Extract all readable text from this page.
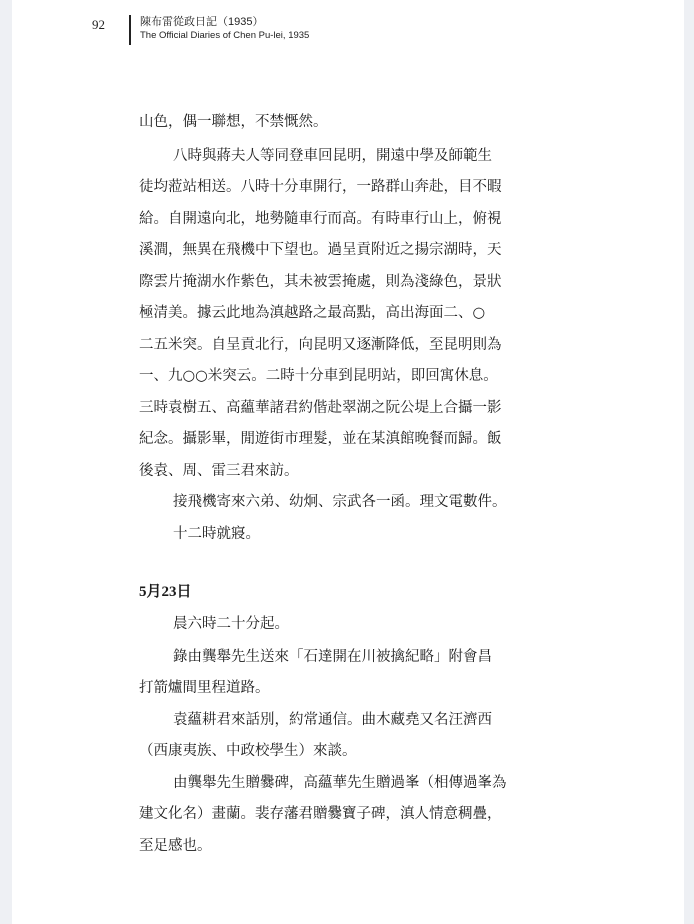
92	陳布雷從政日記（1935）
The Official Diaries of Chen Pu-lei, 1935
山色，偶一聯想，不禁慨然。
八時與蔣夫人等同登車回昆明，開遠中學及師範生
徒均蒞站相送。八時十分車開行，一路群山奔赴，目不暇
給。自開遠向北，地勢隨車行而高。有時車行山上，俯視
溪澗，無異在飛機中下望也。過呈貢附近之揚宗湖時，天
際雲片掩湖水作紫色，其未被雲掩處，則為淺綠色，景狀
極清美。據云此地為滇越路之最高點，高出海面二、○
二五米突。自呈貢北行，向昆明又逐漸降低，至昆明則為
一、九○○米突云。二時十分車到昆明站，即回寓休息。
三時袁樹五、高蘊華諸君約偕赴翠湖之阮公堤上合攝一影
紀念。攝影畢，閒遊街市理髮，並在某滇館晚餐而歸。飯
後袁、周、雷三君來訪。
接飛機寄來六弟、幼炯、宗武各一函。理文電數件。
十二時就寢。
5月23日
晨六時二十分起。
錄由龔舉先生送來「石達開在川被擒紀略」附會昌
打箭爐間里程道路。
袁蘊耕君來話別，約常通信。曲木藏堯又名汪濟西
（西康夷族、中政校學生）來談。
由龔舉先生贈爨碑，高蘊華先生贈過峯（相傳過峯為
建文化名）畫蘭。裴存藩君贈爨寶子碑，滇人情意稠疊，
至足感也。
